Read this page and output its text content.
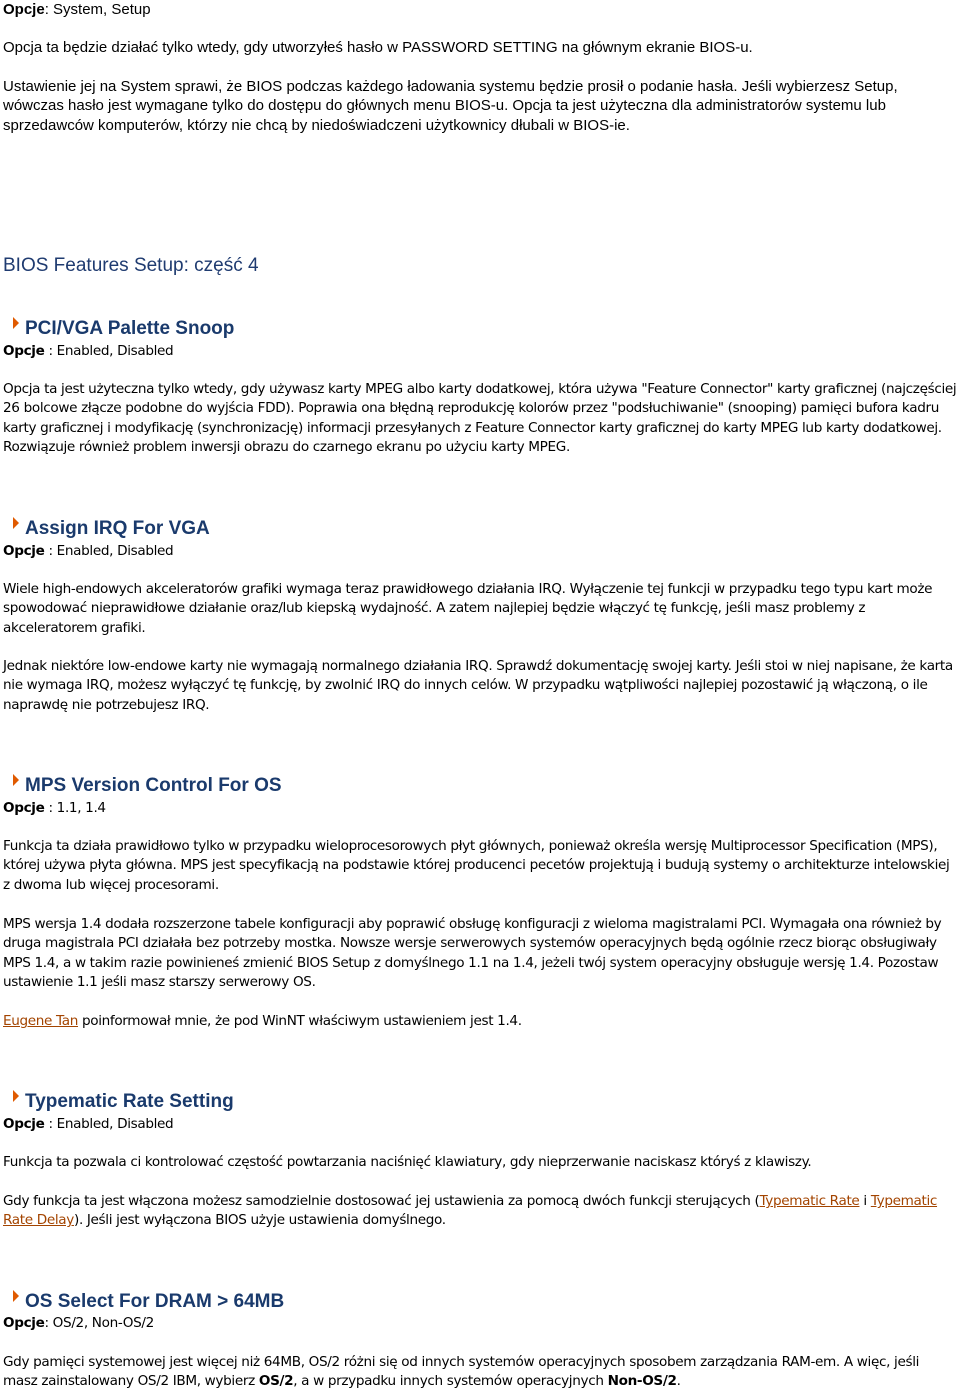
Opcje: System, Setup

Opcja ta będzie działać tylko wtedy, gdy utworzyłeś hasło w PASSWORD SETTING na głównym ekranie BIOS-u.

Ustawienie jej na System sprawi, że BIOS podczas każdego ładowania systemu będzie prosił o podanie hasła. Jeśli wybierzesz Setup, wówczas hasło jest wymagane tylko do dostępu do głównych menu BIOS-u. Opcja ta jest użyteczna dla administratorów systemu lub sprzedawców komputerów, którzy nie chcą by niedoświadczeni użytkownicy dłubali w BIOS-ie.

BIOS Features Setup: część 4
PCI/VGA Palette Snoop
Opcje : Enabled, Disabled

Opcja ta jest użyteczna tylko wtedy, gdy używasz karty MPEG albo karty dodatkowej, która używa "Feature Connector" karty graficznej (najczęściej 26 bolcowe złącze podobne do wyjścia FDD). Poprawia ona błędną reprodukcję kolorów przez "podsłuchiwanie" (snooping) pamięci bufora kadru karty graficznej i modyfikację (synchronizację) informacji przesyłanych z Feature Connector karty graficznej do karty MPEG lub karty dodatkowej. Rozwiązuje również problem inwersji obrazu do czarnego ekranu po użyciu karty MPEG.

Assign IRQ For VGA
Opcje : Enabled, Disabled

Wiele high-endowych akceleratorów grafiki wymaga teraz prawidłowego działania IRQ. Wyłączenie tej funkcji w przypadku tego typu kart może spowodować nieprawidłowe działanie oraz/lub kiepską wydajność. A zatem najlepiej będzie włączyć tę funkcję, jeśli masz problemy z akceleratorem grafiki.

Jednak niektóre low-endowe karty nie wymagają normalnego działania IRQ. Sprawdź dokumentację swojej karty. Jeśli stoi w niej napisane, że karta nie wymaga IRQ, możesz wyłączyć tę funkcję, by zwolnić IRQ do innych celów. W przypadku wątpliwości najlepiej pozostawić ją włączoną, o ile naprawdę nie potrzebujesz IRQ.

MPS Version Control For OS
Opcje : 1.1, 1.4

Funkcja ta działa prawidłowo tylko w przypadku wieloprocesorowych płyt głównych, ponieważ określa wersję Multiprocessor Specification (MPS), której używa płyta główna. MPS jest specyfikacją na podstawie której producenci pecetów projektują i budują systemy o architekturze intelowskiej z dwoma lub więcej procesorami.

MPS wersja 1.4 dodała rozszerzone tabele konfiguracji aby poprawić obsługę konfiguracji z wieloma magistralami PCI. Wymagała ona również by druga magistrala PCI działała bez potrzeby mostka. Nowsze wersje serwerowych systemów operacyjnych będą ogólnie rzecz biorąc obsługiwały MPS 1.4, a w takim razie powinieneś zmienić BIOS Setup z domyślnego 1.1 na 1.4, jeżeli twój system operacyjny obsługuje wersję 1.4. Pozostaw ustawienie 1.1 jeśli masz starszy serwerowy OS.

Eugene Tan poinformował mnie, że pod WinNT właściwym ustawieniem jest 1.4.

Typematic Rate Setting
Opcje : Enabled, Disabled

Funkcja ta pozwala ci kontrolować częstość powtarzania naciśnięć klawiatury, gdy nieprzerwanie naciskasz któryś z klawiszy.

Gdy funkcja ta jest włączona możesz samodzielnie dostosować jej ustawienia za pomocą dwóch funkcji sterujących (Typematic Rate i Typematic Rate Delay). Jeśli jest wyłączona BIOS użyje ustawienia domyślnego.

OS Select For DRAM > 64MB
Opcje: OS/2, Non-OS/2

Gdy pamięci systemowej jest więcej niż 64MB, OS/2 różni się od innych systemów operacyjnych sposobem zarządzania RAM-em. A więc, jeśli masz zainstalowany OS/2 IBM, wybierz OS/2, a w przypadku innych systemów operacyjnych Non-OS/2.
